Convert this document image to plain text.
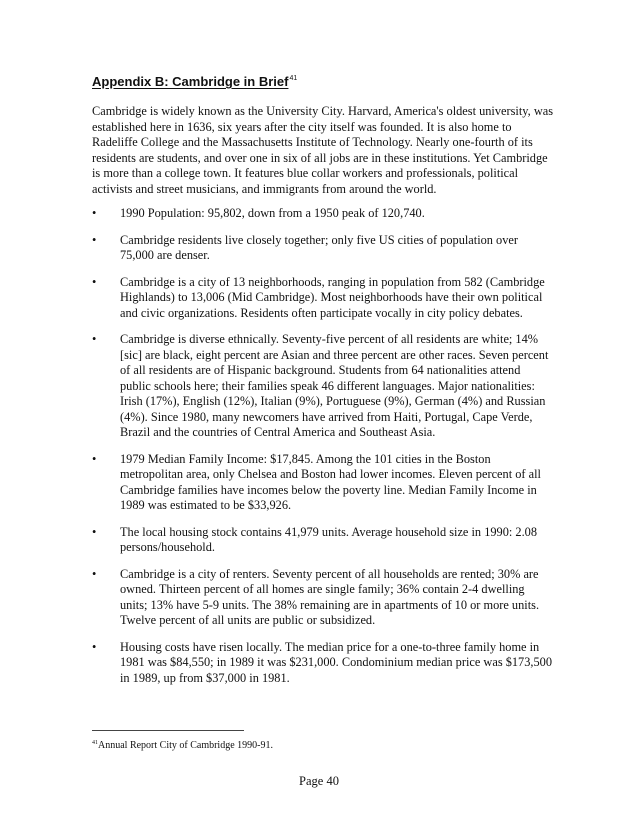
Appendix B: Cambridge in Brief$^{41}$

Cambridge is widely known as the University City. Harvard, America's oldest university, was established here in 1636, six years after the city itself was founded. It is also home to Radeliffe College and the Massachusetts Institute of Technology. Nearly one-fourth of its residents are students, and over one in six of all jobs are in these institutions. Yet Cambridge is more than a college town. It features blue collar workers and professionals, political activists and street musicians, and immigrants from around the world.

•	1990 Population: 95,802, down from a 1950 peak of 120,740.
•	Cambridge residents live closely together; only five US cities of population over 75,000 are denser.
•	Cambridge is a city of 13 neighborhoods, ranging in population from 582 (Cambridge Highlands) to 13,006 (Mid Cambridge). Most neighborhoods have their own political and civic organizations. Residents often participate vocally in city policy debates.
•	Cambridge is diverse ethnically. Seventy-five percent of all residents are white; 14% [sic] are black, eight percent are Asian and three percent are other races. Seven percent of all residents are of Hispanic background. Students from 64 nationalities attend public schools here; their families speak 46 different languages. Major nationalities: Irish (17%), English (12%), Italian (9%), Portuguese (9%), German (4%) and Russian (4%). Since 1980, many newcomers have arrived from Haiti, Portugal, Cape Verde, Brazil and the countries of Central America and Southeast Asia.
•	1979 Median Family Income: $17,845. Among the 101 cities in the Boston metropolitan area, only Chelsea and Boston had lower incomes. Eleven percent of all Cambridge families have incomes below the poverty line. Median Family Income in 1989 was estimated to be $33,926.
•	The local housing stock contains 41,979 units. Average household size in 1990: 2.08 persons/household.
•	Cambridge is a city of renters. Seventy percent of all households are rented; 30% are owned. Thirteen percent of all homes are single family; 36% contain 2-4 dwelling units; 13% have 5-9 units. The 38% remaining are in apartments of 10 or more units. Twelve percent of all units are public or subsidized.
•	Housing costs have risen locally. The median price for a one-to-three family home in 1981 was $84,550; in 1989 it was $231,000. Condominium median price was $173,500 in 1989, up from $37,000 in 1981.
$^{41}$Annual Report City of Cambridge 1990-91.
Page 40
